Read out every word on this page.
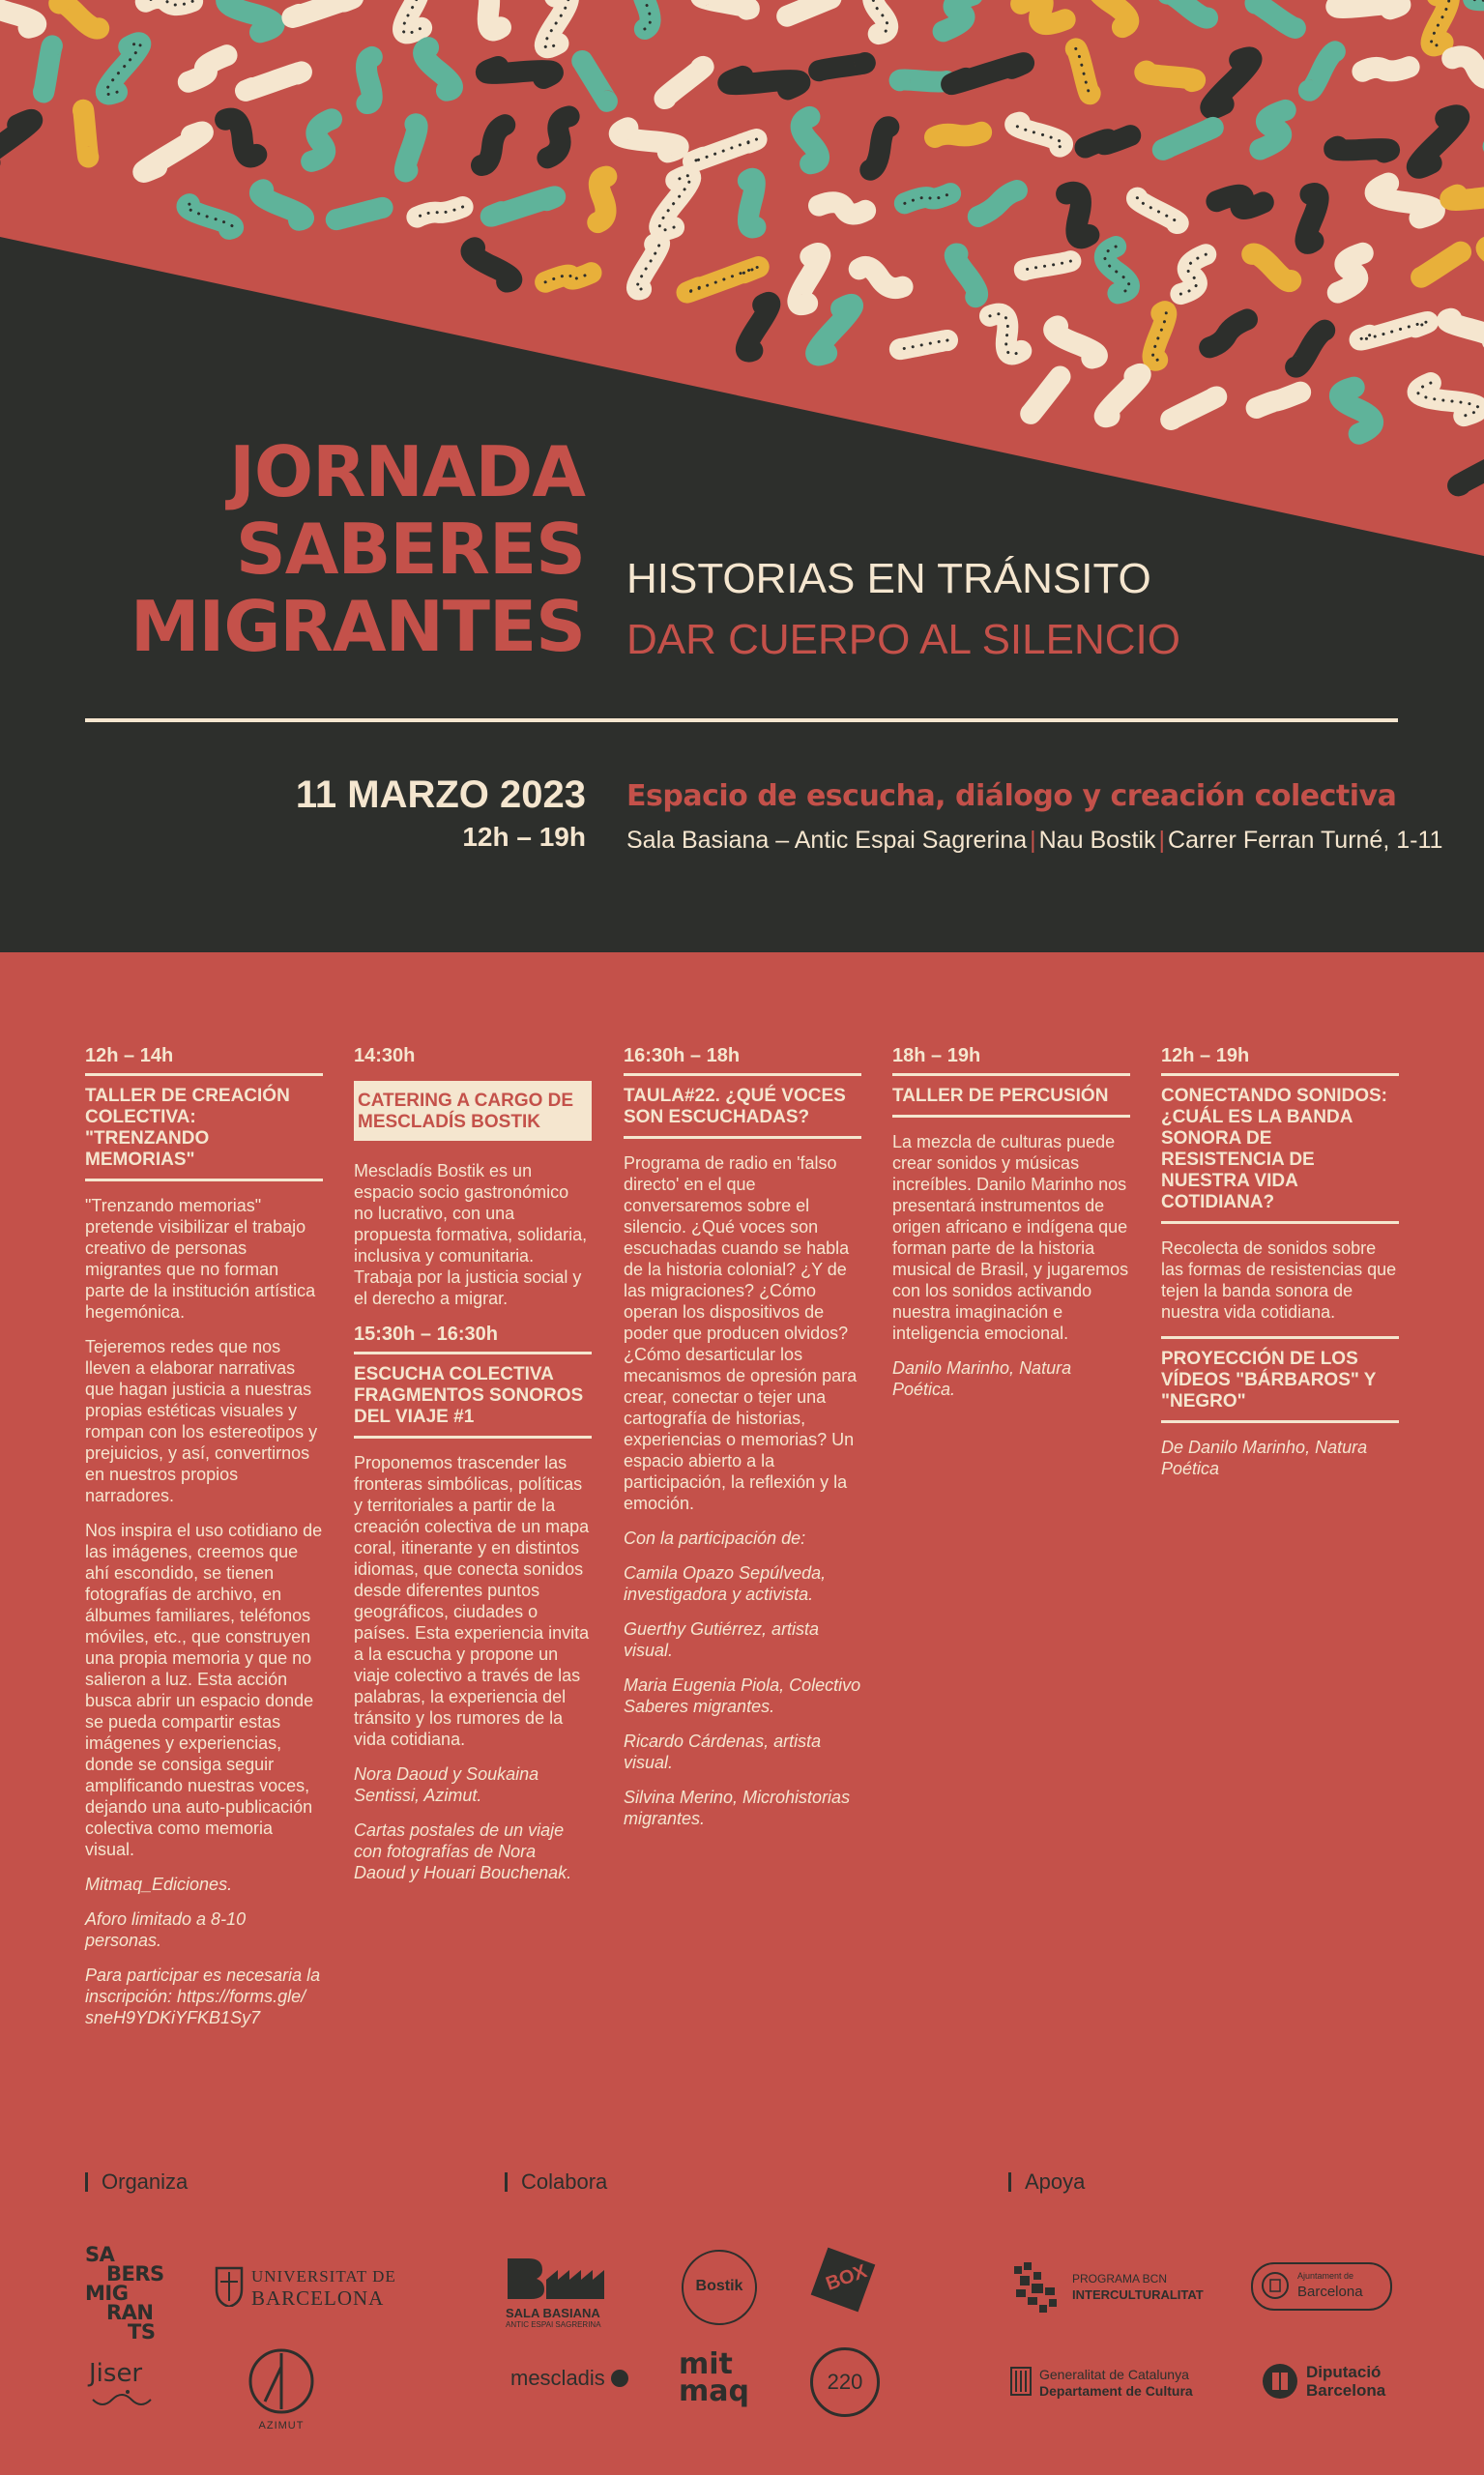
JORNADA
SABERES
MIGRANTES
HISTORIAS EN TRÁNSITO
DAR CUERPO AL SILENCIO
11 MARZO 2023
12h – 19h
Espacio de escucha, diálogo y creación colectiva
Sala Basiana – Antic Espai Sagrerina | Nau Bostik | Carrer Ferran Turné, 1-11
12h – 14h
TALLER DE CREACIÓN COLECTIVA: "TRENZANDO MEMORIAS"

"Trenzando memorias" pretende visibilizar el trabajo creativo de personas migrantes que no forman parte de la institución artística hegemónica.

Tejeremos redes que nos lleven a elaborar narrativas que hagan justicia a nuestras propias estéticas visuales y rompan con los estereotipos y prejuicios, y así, convertirnos en nuestros propios narradores.

Nos inspira el uso cotidiano de las imágenes, creemos que ahí escondido, se tienen fotografías de archivo, en álbumes familiares, teléfonos móviles, etc., que construyen una propia memoria y que no salieron a luz. Esta acción busca abrir un espacio donde se pueda compartir estas imágenes y experiencias, donde se consiga seguir amplificando nuestras voces, dejando una auto-publicación colectiva como memoria visual.

Mitmaq_Ediciones.

Aforo limitado a 8-10 personas.

Para participar es necesaria la inscripción: https://forms.gle/ sneH9YDKiYFKB1Sy7

14:30h
CATERING A CARGO DE MESCLADÍS BOSTIK

Mescladís Bostik es un espacio socio gastronómico no lucrativo, con una propuesta formativa, solidaria, inclusiva y comunitaria. Trabaja por la justicia social y el derecho a migrar.

15:30h – 16:30h
ESCUCHA COLECTIVA FRAGMENTOS SONOROS DEL VIAJE #1

Proponemos trascender las fronteras simbólicas, políticas y territoriales a partir de la creación colectiva de un mapa coral, itinerante y en distintos idiomas, que conecta sonidos desde diferentes puntos geográficos, ciudades o países. Esta experiencia invita a la escucha y propone un viaje colectivo a través de las palabras, la experiencia del tránsito y los rumores de la vida cotidiana.

Nora Daoud y Soukaina Sentissi, Azimut.

Cartas postales de un viaje con fotografías de Nora Daoud y Houari Bouchenak.

16:30h – 18h
TAULA#22. ¿QUÉ VOCES SON ESCUCHADAS?

Programa de radio en 'falso directo' en el que conversaremos sobre el silencio. ¿Qué voces son escuchadas cuando se habla de la historia colonial? ¿Y de las migraciones? ¿Cómo operan los dispositivos de poder que producen olvidos? ¿Cómo desarticular los mecanismos de opresión para crear, conectar o tejer una cartografía de historias, experiencias o memorias? Un espacio abierto a la participación, la reflexión y la emoción.

Con la participación de:

Camila Opazo Sepúlveda, investigadora y activista.

Guerthy Gutiérrez, artista visual.

Maria Eugenia Piola, Colectivo Saberes migrantes.

Ricardo Cárdenas, artista visual.

Silvina Merino, Microhistorias migrantes.

18h – 19h
TALLER DE PERCUSIÓN

La mezcla de culturas puede crear sonidos y músicas increíbles. Danilo Marinho nos presentará instrumentos de origen africano e indígena que forman parte de la historia musical de Brasil, y jugaremos con los sonidos activando nuestra imaginación e inteligencia emocional.

Danilo Marinho, Natura Poética.

12h – 19h
CONECTANDO SONIDOS: ¿CUÁL ES LA BANDA SONORA DE RESISTENCIA DE NUESTRA VIDA COTIDIANA?

Recolecta de sonidos sobre las formas de resistencias que tejen la banda sonora de nuestra vida cotidiana.

PROYECCIÓN DE LOS VÍDEOS "BÁRBAROS" Y "NEGRO"

De Danilo Marinho, Natura Poética

Organiza	Colabora	Apoya
SA
BERS
MIG
RAN
TS
UNIVERSITAT DE
BARCELONA
Jiser
AZIMUT
SALA BASIANA
ANTIC ESPAI SAGRERINA
Bostik	BOX
mescladis	mit
maq	220
PROGRAMA BCN
INTERCULTURALITAT
Ajuntament de
Barcelona
Generalitat de Catalunya
Departament de Cultura
Diputació
Barcelona
